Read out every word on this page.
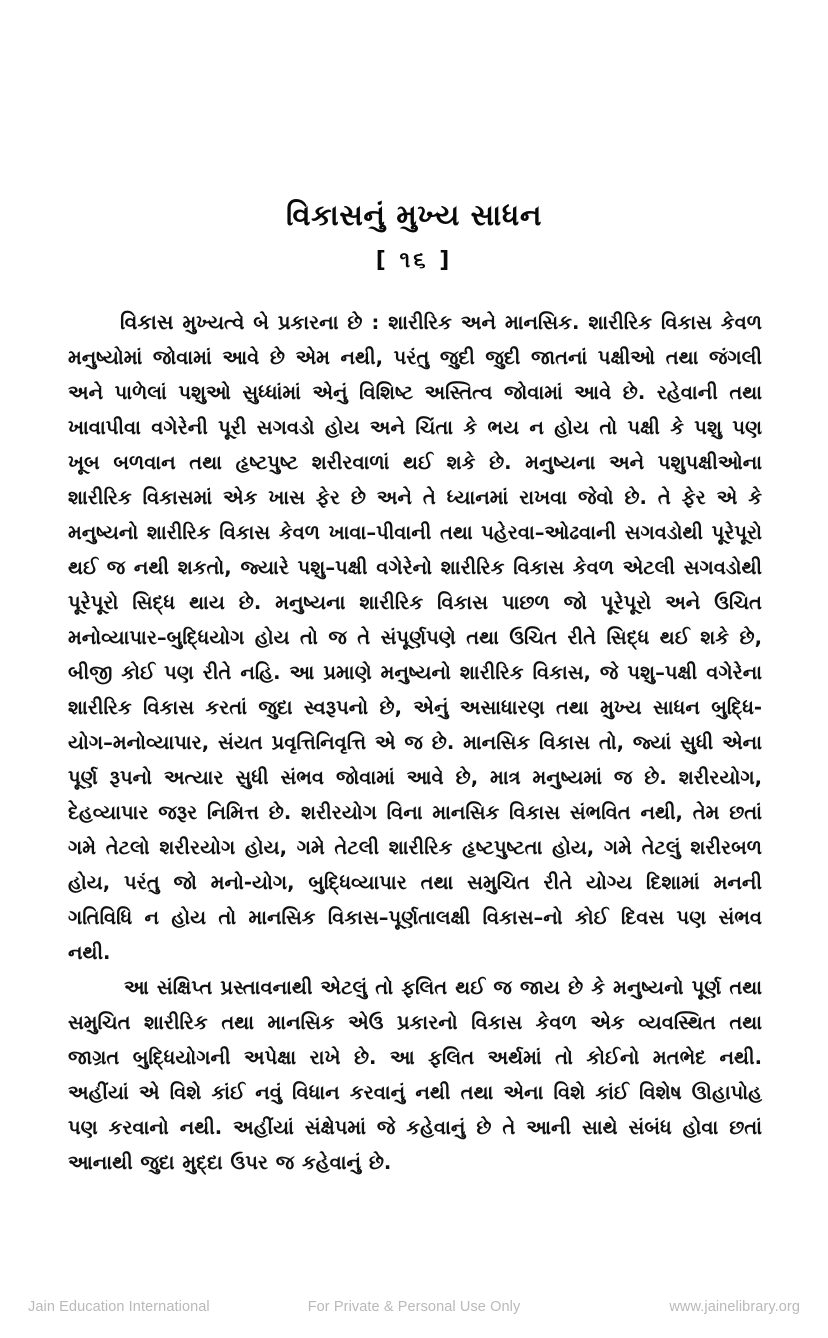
વિકાસનું મુખ્ય સાધન
[ ૧૬ ]

વિકાસ મુખ્યત્વે બે પ્રકારના છે : શારીરિક અને માનસિક. શારીરિક વિકાસ કેવળ મનુષ્યોમાં જોવામાં આવે છે એમ નથી, પરંતુ જુદી જુદી જાતનાં પક્ષીઓ તથા જંગલી અને પાળેલાં પશુઓ સુધ્ધાંમાં એનું વિશિષ્ટ અસ્તિત્વ જોવામાં આવે છે. રહેવાની તથા ખાવાપીવા વગેરેની પૂરી સગવડો હોય અને ચિંતા કે ભય ન હોય તો પક્ષી કે પશુ પણ ખૂબ બળવાન તથા હૃષ્ટપુષ્ટ શરીરવાળાં થઈ શકે છે. મનુષ્યના અને પશુપક્ષીઓના શારીરિક વિકાસમાં એક ખાસ ફેર છે અને તે ધ્યાનમાં રાખવા જેવો છે. તે ફેર એ કે મનુષ્યનો શારીરિક વિકાસ કેવળ ખાવા–પીવાની તથા પહેરવા–ઓઢવાની સગવડોથી પૂરેપૂરો થઈ જ નથી શકતો, જ્યારે પશુ–પક્ષી વગેરેનો શારીરિક વિકાસ કેવળ એટલી સગવડોથી પૂરેપૂરો સિદ્ધ થાય છે. મનુષ્યના શારીરિક વિકાસ પાછળ જો પૂરેપૂરો અને ઉચિત મનોવ્યાપાર–બુદ્ધિયોગ હોય તો જ તે સંપૂર્ણપણે તથા ઉચિત રીતે સિદ્ધ થઈ શકે છે, બીજી કોઈ પણ રીતે નહિ. આ પ્રમાણે મનુષ્યનો શારીરિક વિકાસ, જે પશુ–પક્ષી વગેરેના શારીરિક વિકાસ કરતાં જુદા સ્વરૂપનો છે, એનું અસાધારણ તથા મુખ્ય સાધન બુદ્ધિ-યોગ–મનોવ્યાપાર, સંયત પ્રવૃત્તિનિવૃત્તિ એ જ છે. માનસિક વિકાસ તો, જ્યાં સુધી એના પૂર્ણ રૂપનો અત્યાર સુધી સંભવ જોવામાં આવે છે, માત્ર મનુષ્યમાં જ છે. શરીરયોગ, દેહવ્યાપાર જરૂર નિમિત્ત છે. શરીરયોગ વિના માનસિક વિકાસ સંભવિત નથી, તેમ છતાં ગમે તેટલો શરીરયોગ હોય, ગમે તેટલી શારીરિક હૃષ્ટપુષ્ટતા હોય, ગમે તેટલું શરીરબળ હોય, પરંતુ જો મનો-યોગ, બુદ્ધિવ્યાપાર તથા સમુચિત રીતે યોગ્ય દિશામાં મનની ગતિવિધિ ન હોય તો માનસિક વિકાસ–પૂર્ણતાલક્ષી વિકાસ–નો કોઈ દિવસ પણ સંભવ નથી.

આ સંક્ષિપ્ત પ્રસ્તાવનાથી એટલું તો ફલિત થઈ જ જાય છે કે મનુષ્યનો પૂર્ણ તથા સમુચિત શારીરિક તથા માનસિક એઉ પ્રકારનો વિકાસ કેવળ એક વ્યવસ્થિત તથા જાગ્રત બુદ્ધિયોગની અપેક્ષા રાખે છે. આ ફલિત અર્થમાં તો કોઈનો મતભેદ નથી. અહીંયાં એ વિશે કાંઈ નવું વિધાન કરવાનું નથી તથા એના વિશે કાંઈ વિશેષ ઊહાપોહ પણ કરવાનો નથી. અહીંયાં સંક્ષેપમાં જે કહેવાનું છે તે આની સાથે સંબંધ હોવા છતાં આનાથી જુદા મુદ્દા ઉપર જ કહેવાનું છે.

Jain Education International	For Private & Personal Use Only	www.jainelibrary.org
